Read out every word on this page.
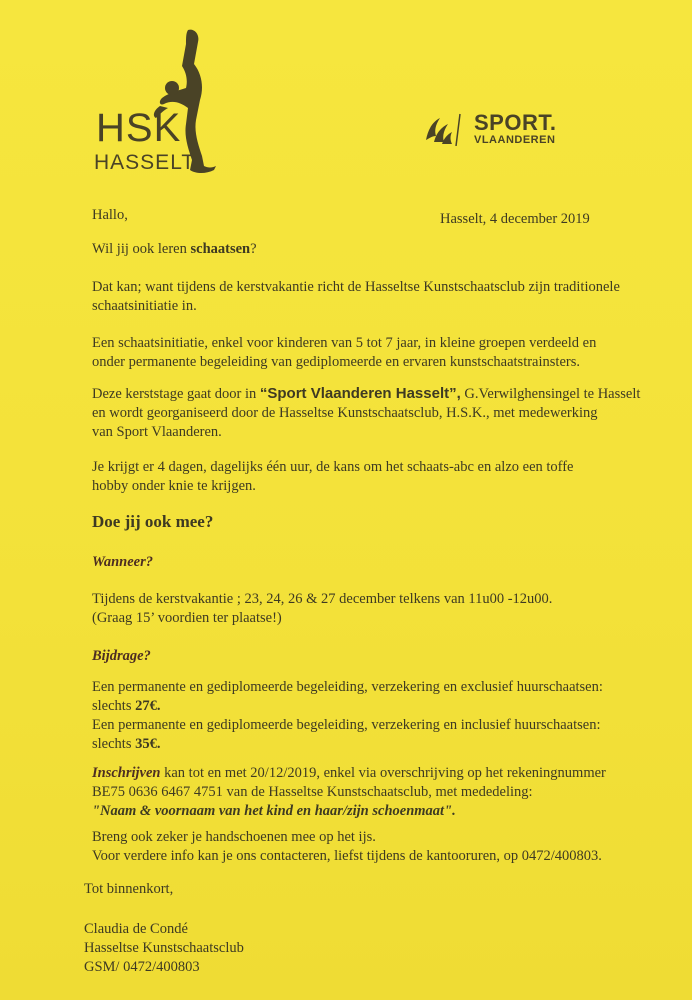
HSK
HASSELT
SPORT.
VLAANDEREN
Hallo,	Hasselt, 4 december 2019
Wil jij ook leren schaatsen?
Dat kan; want tijdens de kerstvakantie richt de Hasseltse Kunstschaatsclub zijn traditionele
schaatsinitiatie in.
Een schaatsinitiatie, enkel voor kinderen van 5 tot 7 jaar, in kleine groepen verdeeld en
onder permanente begeleiding van gediplomeerde en ervaren kunstschaatstrainsters.
Deze kerststage gaat door in “Sport Vlaanderen Hasselt”, G.Verwilghensingel te Hasselt
en wordt georganiseerd door de Hasseltse Kunstschaatsclub, H.S.K., met medewerking
van Sport Vlaanderen.
Je krijgt er 4 dagen, dagelijks één uur, de kans om het schaats-abc en alzo een toffe
hobby onder knie te krijgen.
Doe jij ook mee?
Wanneer?
Tijdens de kerstvakantie ; 23, 24, 26 & 27 december telkens van 11u00 -12u00.
(Graag 15’ voordien ter plaatse!)
Bijdrage?
Een permanente en gediplomeerde begeleiding, verzekering en exclusief huurschaatsen:
slechts 27€.
Een permanente en gediplomeerde begeleiding, verzekering en inclusief huurschaatsen:
slechts 35€.
Inschrijven kan tot en met 20/12/2019, enkel via overschrijving op het rekeningnummer
BE75 0636 6467 4751 van de Hasseltse Kunstschaatsclub, met mededeling:
"Naam & voornaam van het kind en haar/zijn schoenmaat".
Breng ook zeker je handschoenen mee op het ijs.
Voor verdere info kan je ons contacteren, liefst tijdens de kantooruren, op 0472/400803.
Tot binnenkort,
Claudia de Condé
Hasseltse Kunstschaatsclub
GSM/ 0472/400803
